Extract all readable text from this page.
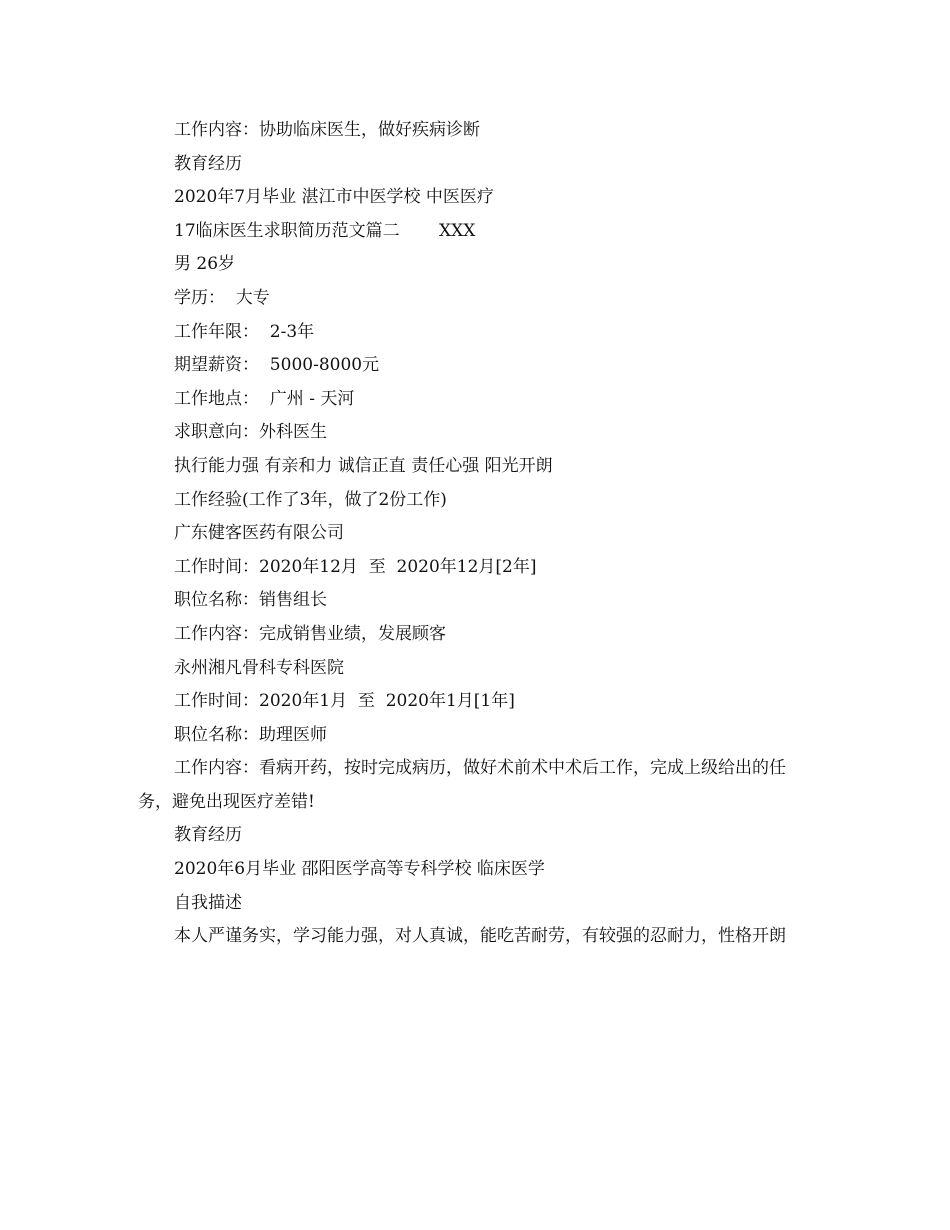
工作内容：协助临床医生，做好疾病诊断
教育经历
2020年7月毕业 湛江市中医学校 中医医疗
17临床医生求职简历范文篇二　　 XXX
男 26岁
学历：  大专
工作年限：  2-3年
期望薪资：  5000-8000元
工作地点：  广州 - 天河
求职意向：外科医生
执行能力强 有亲和力 诚信正直 责任心强 阳光开朗
工作经验(工作了3年，做了2份工作)
广东健客医药有限公司
工作时间：2020年12月  至  2020年12月[2年]
职位名称：销售组长
工作内容：完成销售业绩，发展顾客
永州湘凡骨科专科医院
工作时间：2020年1月  至  2020年1月[1年]
职位名称：助理医师
工作内容：看病开药，按时完成病历，做好术前术中术后工作，完成上级给出的任务，避免出现医疗差错!
教育经历
2020年6月毕业 邵阳医学高等专科学校 临床医学
自我描述
本人严谨务实，学习能力强，对人真诚，能吃苦耐劳，有较强的忍耐力，性格开朗
